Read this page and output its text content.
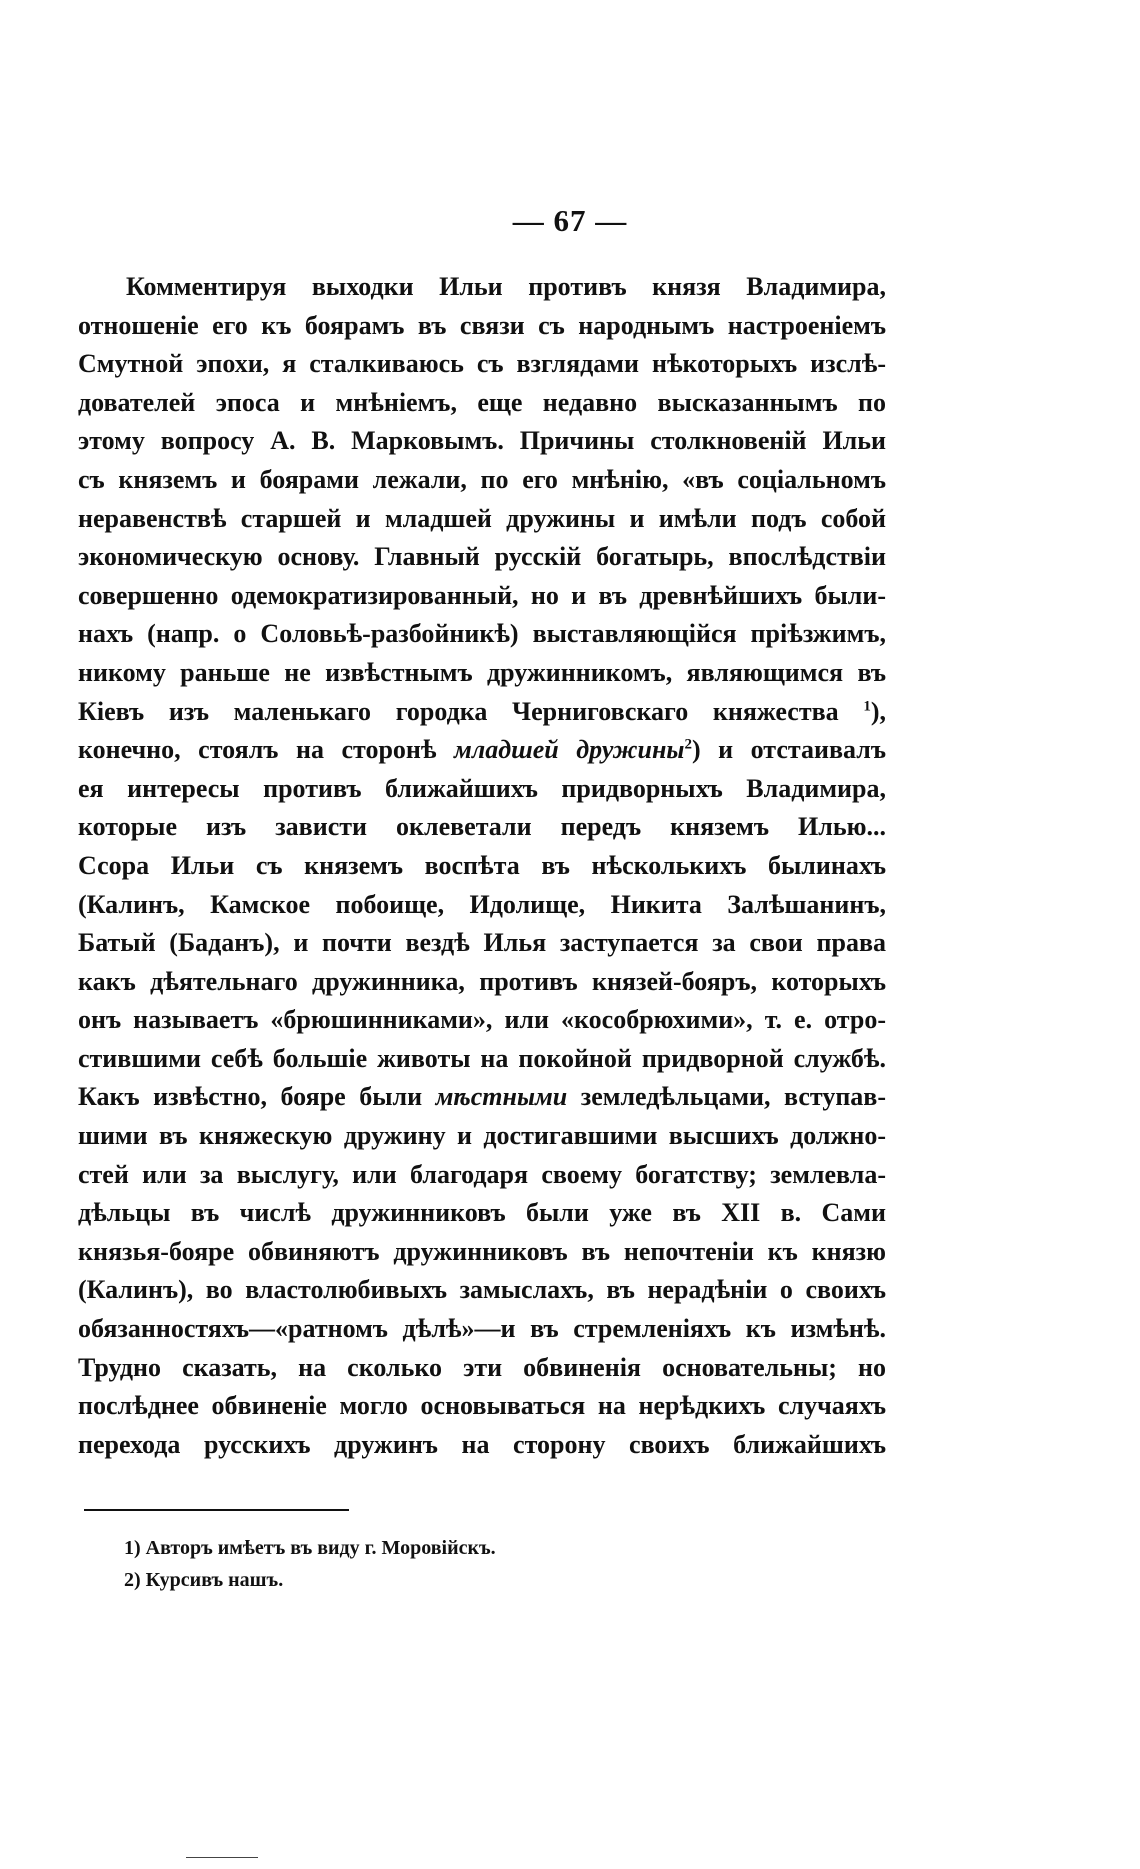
— 67 —
Комментируя выходки Ильи противъ князя Владимира,
отношеніе его къ боярамъ въ связи съ народнымъ настроеніемъ
Смутной эпохи, я сталкиваюсь съ взглядами нѣкоторыхъ изслѣ-
дователей эпоса и мнѣніемъ, еще недавно высказаннымъ по
этому вопросу А. В. Марковымъ. Причины столкновеній Ильи
съ княземъ и боярами лежали, по его мнѣнію, «въ соціальномъ
неравенствѣ старшей и младшей дружины и имѣли подъ собой
экономическую основу. Главный русскій богатырь, впослѣдствіи
совершенно одемократизированный, но и въ древнѣйшихъ были-
нахъ (напр. о Соловьѣ-разбойникѣ) выставляющійся пріѣзжимъ,
никому раньше не извѣстнымъ дружинникомъ, являющимся въ
Кіевъ изъ маленькаго городка Черниговскаго княжества $^1$),
конечно, стоялъ на сторонѣ младшей дружины$^2$) и отстаивалъ
ея интересы противъ ближайшихъ придворныхъ Владимира,
которые изъ зависти оклеветали передъ княземъ Илью...
Ссора Ильи съ княземъ воспѣта въ нѣсколькихъ былинахъ
(Калинъ, Камское побоище, Идолище, Никита Залѣшанинъ,
Батый (Баданъ), и почти вездѣ Илья заступается за свои права
какъ дѣятельнаго дружинника, противъ князей-бояръ, которыхъ
онъ называетъ «брюшинниками», или «кособрюхими», т. е. отро-
стившими себѣ большіе животы на покойной придворной службѣ.
Какъ извѣстно, бояре были мѣстными земледѣльцами, вступав-
шими въ княжескую дружину и достигавшими высшихъ должно-
стей или за выслугу, или благодаря своему богатству; землевла-
дѣльцы въ числѣ дружинниковъ были уже въ XII в. Сами
князья-бояре обвиняютъ дружинниковъ въ непочтеніи къ князю
(Калинъ), во властолюбивыхъ замыслахъ, въ нерадѣніи о своихъ
обязанностяхъ—«ратномъ дѣлѣ»—и въ стремленіяхъ къ измѣнѣ.
Трудно сказать, на сколько эти обвиненія основательны; но
послѣднее обвиненіе могло основываться на нерѣдкихъ случаяхъ
перехода русскихъ дружинъ на сторону своихъ ближайшихъ
1) Авторъ имѣетъ въ виду г. Моровійскъ.
2) Курсивъ нашъ.
